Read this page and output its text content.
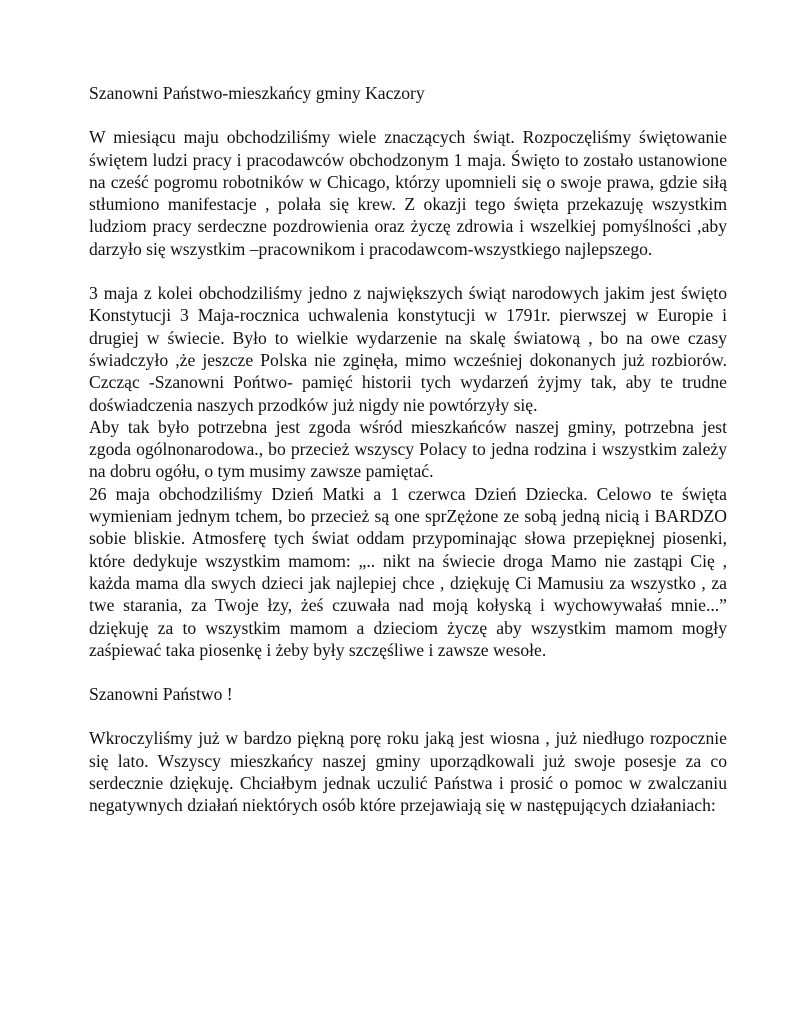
Szanowni Państwo-mieszkańcy gminy Kaczory

W miesiącu maju obchodziliśmy wiele znaczących świąt. Rozpoczęliśmy świętowanie świętem ludzi pracy i pracodawców obchodzonym 1 maja. Święto to zostało ustanowione na cześć pogromu robotników w Chicago, którzy upomnieli się o swoje prawa, gdzie siłą stłumiono manifestacje , polała się krew. Z okazji tego święta przekazuję wszystkim ludziom pracy serdeczne pozdrowienia oraz życzę zdrowia i wszelkiej pomyślności ,aby darzyło się wszystkim –pracownikom i pracodawcom-wszystkiego najlepszego.

3 maja z kolei obchodziliśmy jedno z największych świąt narodowych jakim jest święto Konstytucji 3 Maja-rocznica uchwalenia konstytucji w 1791r. pierwszej w Europie i drugiej w świecie. Było to wielkie wydarzenie na skalę światową , bo na owe czasy świadczyło ,że jeszcze Polska nie zginęła, mimo wcześniej dokonanych już rozbiorów. Czcząc -Szanowni Pońtwo- pamięć historii tych wydarzeń żyjmy tak, aby te trudne doświadczenia naszych przodków już nigdy nie powtórzyły się.

Aby tak było potrzebna jest zgoda wśród mieszkańców naszej gminy, potrzebna jest zgoda ogólnonarodowa., bo przecież wszyscy Polacy to jedna rodzina i wszystkim zależy na dobru ogółu, o tym musimy zawsze pamiętać.

26 maja obchodziliśmy Dzień Matki a 1 czerwca Dzień Dziecka. Celowo te święta wymieniam jednym tchem, bo przecież są one sprZężone ze sobą jedną nicią i BARDZO sobie bliskie. Atmosferę tych świat oddam przypominając słowa przepięknej piosenki, które dedykuje wszystkim mamom: „.. nikt na świecie droga Mamo nie zastąpi Cię , każda mama dla swych dzieci jak najlepiej chce , dziękuję Ci Mamusiu za wszystko , za twe starania, za Twoje łzy, żeś czuwała nad moją kołyską i wychowywałaś mnie...” dziękuję za to wszystkim mamom a dzieciom życzę aby wszystkim mamom mogły zaśpiewać taka piosenkę i żeby były szczęśliwe i zawsze wesołe.

Szanowni Państwo !

Wkroczyliśmy już w bardzo piękną porę roku jaką jest wiosna , już niedługo rozpocznie się lato. Wszyscy mieszkańcy naszej gminy uporządkowali już swoje posesje za co serdecznie dziękuję. Chciałbym jednak uczulić Państwa i prosić o pomoc w zwalczaniu negatywnych działań niektórych osób które przejawiają się w następujących działaniach:
